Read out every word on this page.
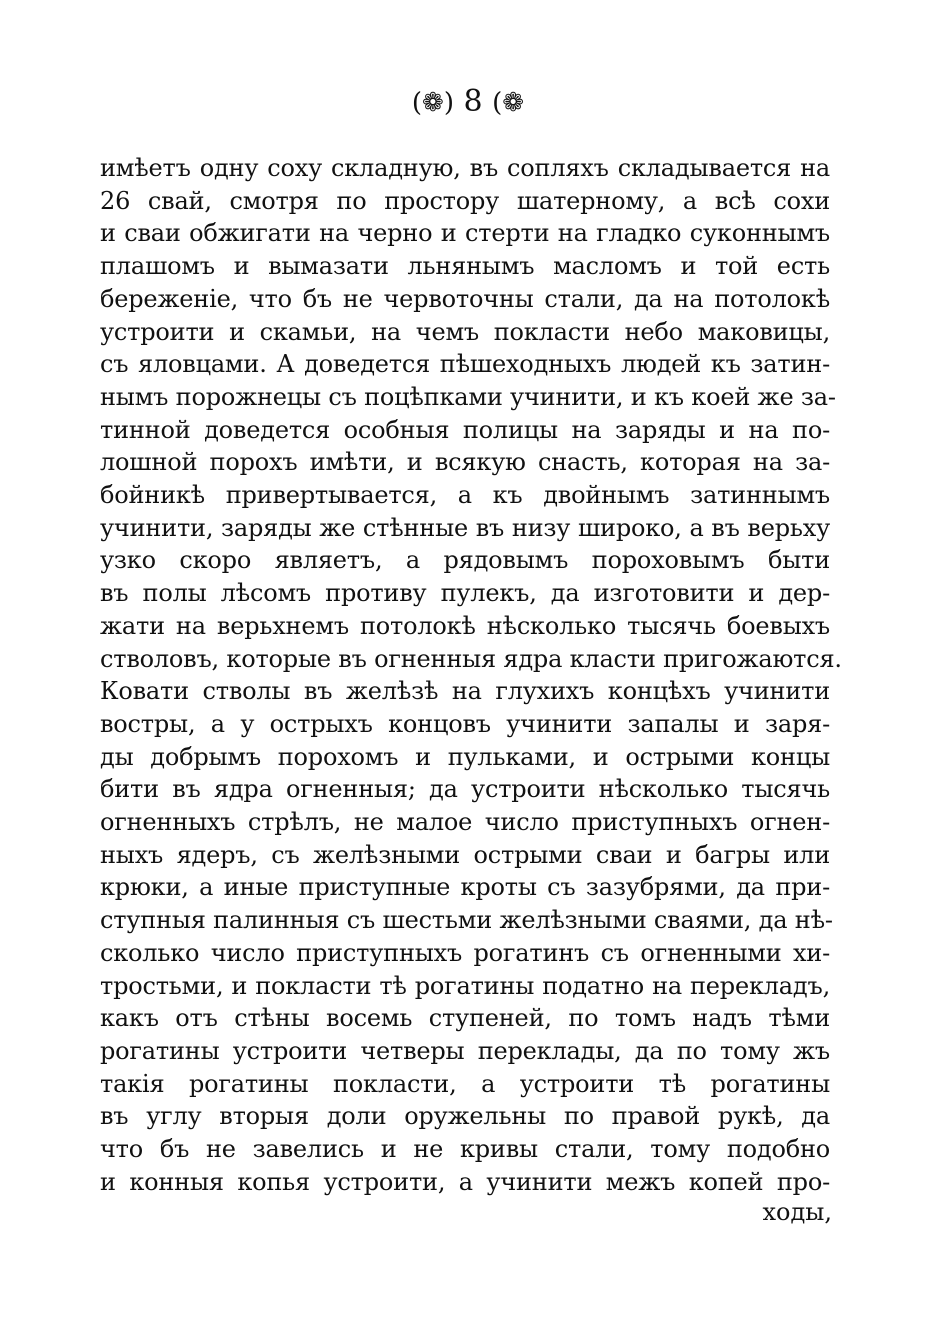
(❁) 8 (❁
имѣетъ одну соху складную, въ сопляхъ складывается на
26 свай, смотря по простору шатерному, а всѣ сохи
и сваи обжигати на черно и стерти на гладко суконнымъ
плашомъ и вымазати льнянымъ масломъ и той есть
береженіе, что бъ не червоточны стали, да на потолокѣ
устроити и скамьи, на чемъ покласти небо маковицы,
съ яловцами. А доведется пѣшеходныхъ людей къ затин-
нымъ порожнецы съ поцѣпками учинити, и къ коей же за-
тинной доведется особныя полицы на заряды и на по-
лошной порохъ имѣти, и всякую снасть, которая на за-
бойникѣ привертывается, а къ двойнымъ затиннымъ
учинити, заряды же стѣнные въ низу широко, а въ верьху
узко скоро являетъ, а рядовымъ пороховымъ быти
въ полы лѣсомъ противу пулекъ, да изготовити и дер-
жати на верьхнемъ потолокѣ нѣсколько тысячь боевыхъ
стволовъ, которые въ огненныя ядра класти пригожаются.
Ковати стволы въ желѣзѣ на глухихъ концѣхъ учинити
востры, а у острыхъ концовъ учинити запалы и заря-
ды добрымъ порохомъ и пульками, и острыми концы
бити въ ядра огненныя; да устроити нѣсколько тысячь
огненныхъ стрѣлъ, не малое число приступныхъ огнен-
ныхъ ядеръ, съ желѣзными острыми сваи и багры или
крюки, а иные приступные кроты съ зазубрями, да при-
ступныя палинныя съ шестьми желѣзными сваями, да нѣ-
сколько число приступныхъ рогатинъ съ огненными хи-
тростьми, и покласти тѣ рогатины податно на перекладъ,
какъ отъ стѣны восемь ступеней, по томъ надъ тѣми
рогатины устроити четверы переклады, да по тому жъ
такія рогатины покласти, а устроити тѣ рогатины
въ углу вторыя доли оружельны по правой рукѣ, да
что бъ не завелись и не кривы стали, тому подобно
и конныя копья устроити, а учинити межъ копей про-
ходы,
